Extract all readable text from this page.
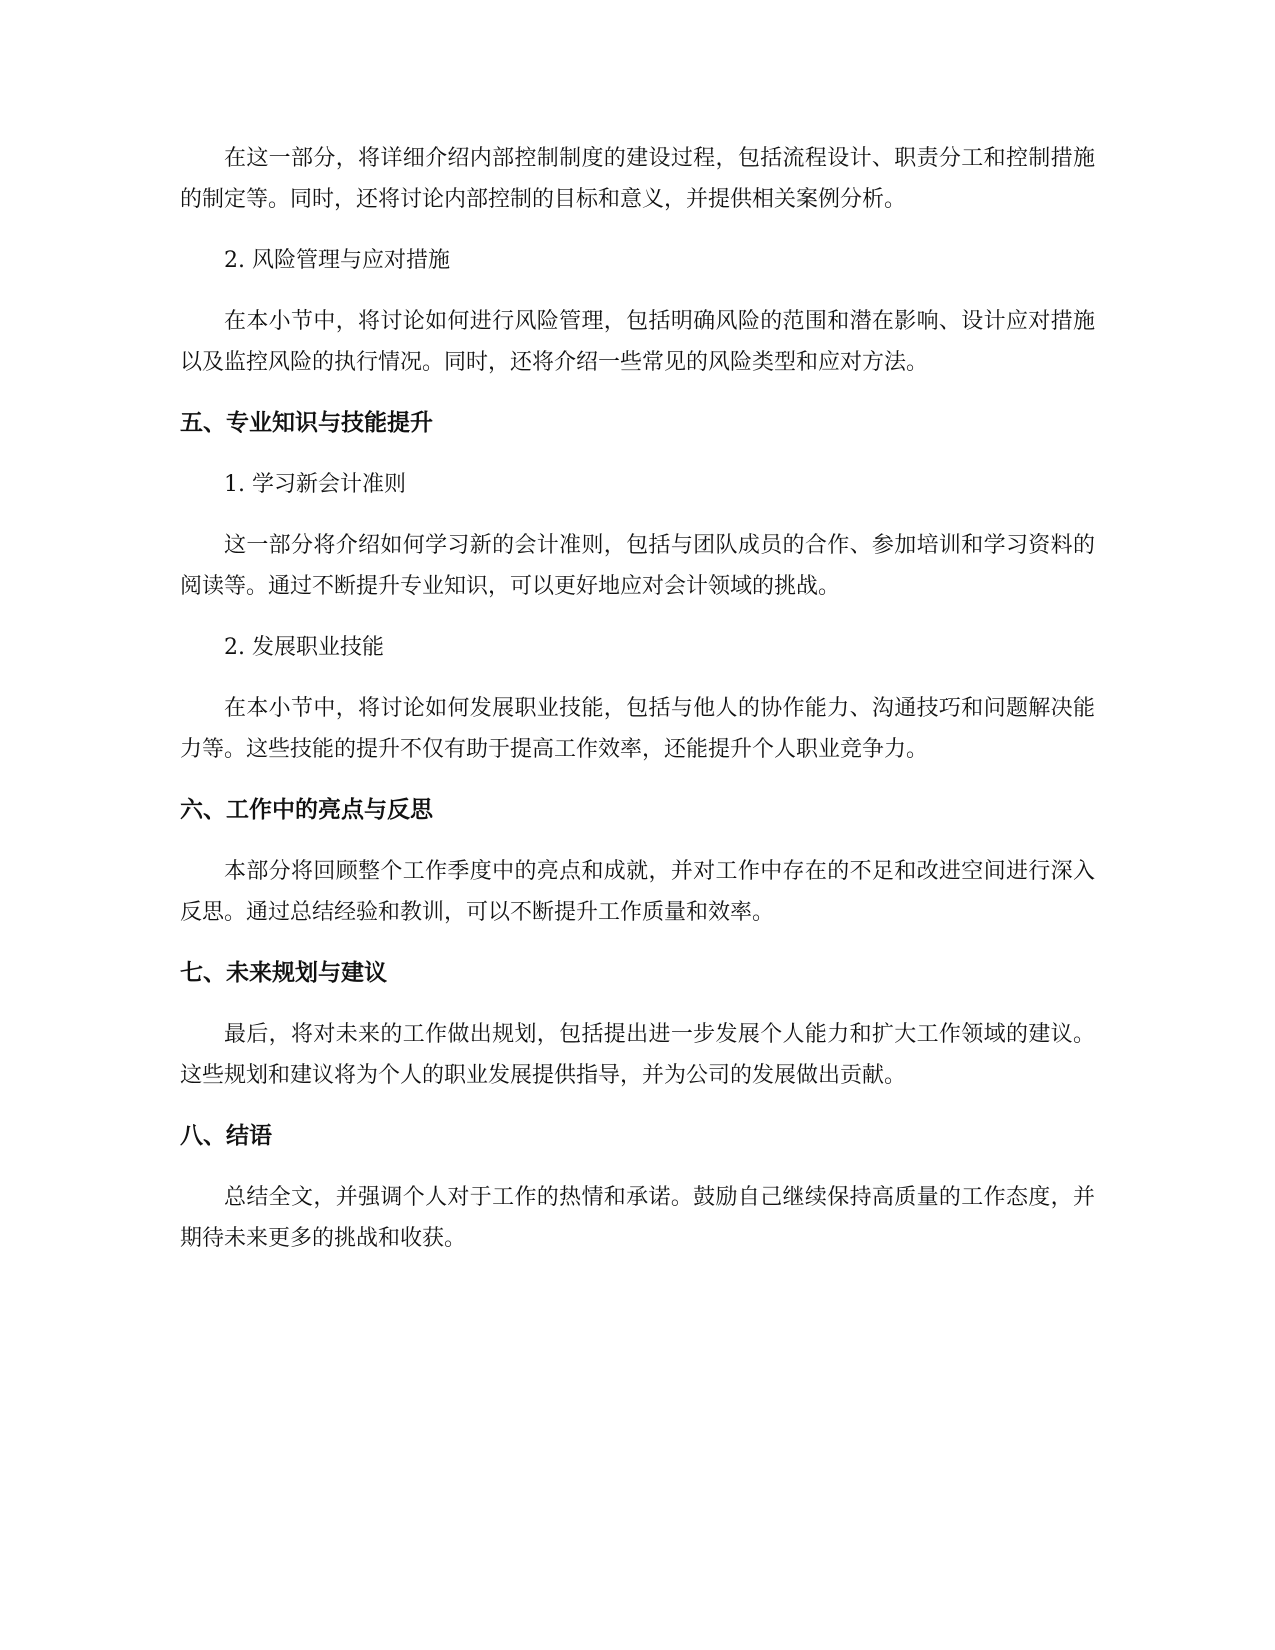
在这一部分，将详细介绍内部控制制度的建设过程，包括流程设计、职责分工和控制措施的制定等。同时，还将讨论内部控制的目标和意义，并提供相关案例分析。

2. 风险管理与应对措施

在本小节中，将讨论如何进行风险管理，包括明确风险的范围和潜在影响、设计应对措施以及监控风险的执行情况。同时，还将介绍一些常见的风险类型和应对方法。

五、专业知识与技能提升

1. 学习新会计准则

这一部分将介绍如何学习新的会计准则，包括与团队成员的合作、参加培训和学习资料的阅读等。通过不断提升专业知识，可以更好地应对会计领域的挑战。

2. 发展职业技能

在本小节中，将讨论如何发展职业技能，包括与他人的协作能力、沟通技巧和问题解决能力等。这些技能的提升不仅有助于提高工作效率，还能提升个人职业竞争力。

六、工作中的亮点与反思

本部分将回顾整个工作季度中的亮点和成就，并对工作中存在的不足和改进空间进行深入反思。通过总结经验和教训，可以不断提升工作质量和效率。

七、未来规划与建议

最后，将对未来的工作做出规划，包括提出进一步发展个人能力和扩大工作领域的建议。这些规划和建议将为个人的职业发展提供指导，并为公司的发展做出贡献。

八、结语

总结全文，并强调个人对于工作的热情和承诺。鼓励自己继续保持高质量的工作态度，并期待未来更多的挑战和收获。
